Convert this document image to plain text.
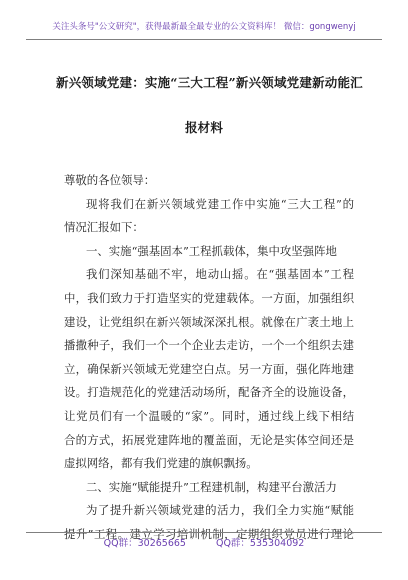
关注头条号"公文研究"，获得最新最全最专业的公文资料库！ 微信：gongwenyj
新兴领域党建：实施“三大工程”新兴领域党建新动能汇
报材料
尊敬的各位领导：
现将我们在新兴领域党建工作中实施“三大工程”的
情况汇报如下：
一、实施“强基固本”工程抓载体，集中攻坚强阵地
我们深知基础不牢，地动山摇。在“强基固本”工程
中，我们致力于打造坚实的党建载体。一方面，加强组织
建设，让党组织在新兴领域深深扎根。就像在广袤土地上
播撒种子，我们一个一个企业去走访，一个一个组织去建
立，确保新兴领域无党建空白点。另一方面，强化阵地建
设。打造规范化的党建活动场所，配备齐全的设施设备，
让党员们有一个温暖的“家”。同时，通过线上线下相结
合的方式，拓展党建阵地的覆盖面，无论是实体空间还是
虚拟网络，都有我们党建的旗帜飘扬。
二、实施“赋能提升”工程建机制，构建平台激活力
为了提升新兴领域党建的活力，我们全力实施“赋能
提升”工程。建立学习培训机制，定期组织党员进行理论
QQ群：30265665	QQ群：535304092
